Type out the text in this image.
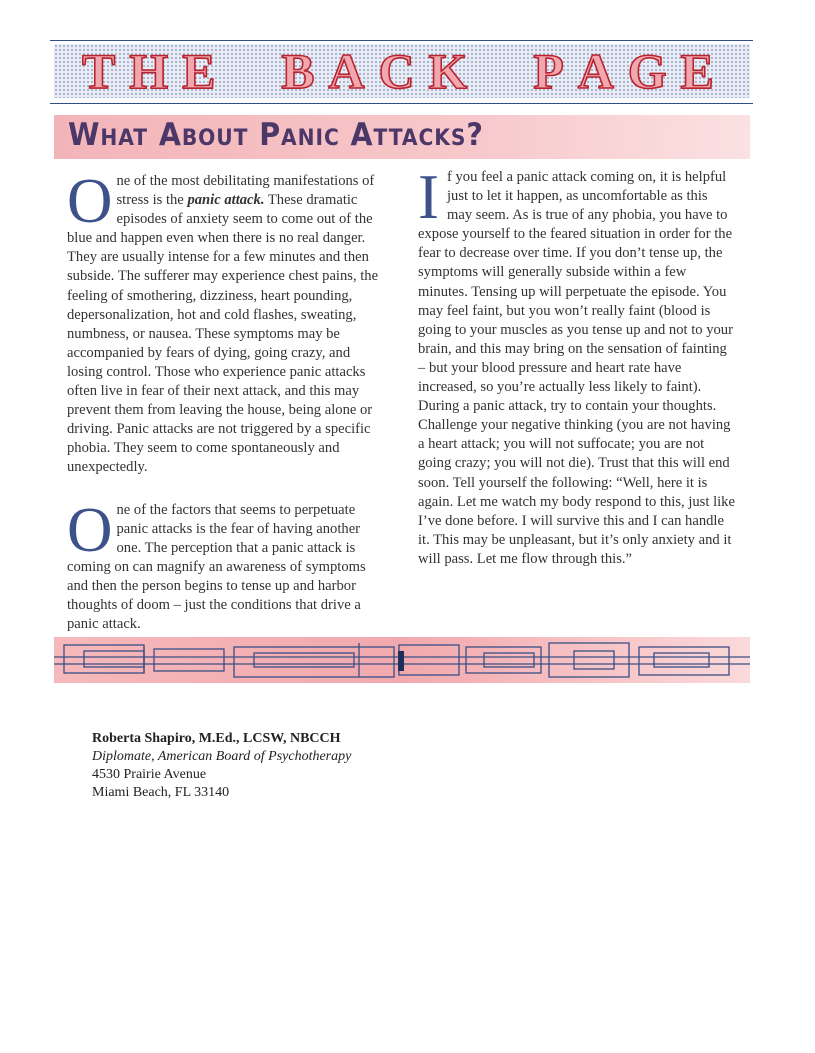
T H E B A C K P A G E
What About Panic Attacks?

One of the most debilitating manifestations of stress is the panic attack. These dramatic episodes of anxiety seem to come out of the blue and happen even when there is no real danger. They are usually intense for a few minutes and then subside. The sufferer may experience chest pains, the feeling of smothering, dizziness, heart pounding, depersonalization, hot and cold flashes, sweating, numbness, or nausea. These symptoms may be accompanied by fears of dying, going crazy, and losing control. Those who experience panic attacks often live in fear of their next attack, and this may prevent them from leaving the house, being alone or driving. Panic attacks are not triggered by a specific phobia. They seem to come spontaneously and unexpectedly.

One of the factors that seems to perpetuate panic attacks is the fear of having another one. The perception that a panic attack is coming on can magnify an awareness of symptoms and then the person begins to tense up and harbor thoughts of doom – just the conditions that drive a panic attack.

If you feel a panic attack coming on, it is helpful just to let it happen, as uncomfortable as this may seem. As is true of any phobia, you have to expose yourself to the feared situation in order for the fear to decrease over time. If you don’t tense up, the symptoms will generally subside within a few minutes. Tensing up will perpetuate the episode. You may feel faint, but you won’t really faint (blood is going to your muscles as you tense up and not to your brain, and this may bring on the sensation of fainting – but your blood pressure and heart rate have increased, so you’re actually less likely to faint). During a panic attack, try to contain your thoughts. Challenge your negative thinking (you are not having a heart attack; you will not suffocate; you are not going crazy; you will not die). Trust that this will end soon. Tell yourself the following: “Well, here it is again. Let me watch my body respond to this, just like I’ve done before. I will survive this and I can handle it. This may be unpleasant, but it’s only anxiety and it will pass. Let me flow through this.”

Roberta Shapiro, M.Ed., LCSW, NBCCH
Diplomate, American Board of Psychotherapy
4530 Prairie Avenue
Miami Beach, FL 33140
